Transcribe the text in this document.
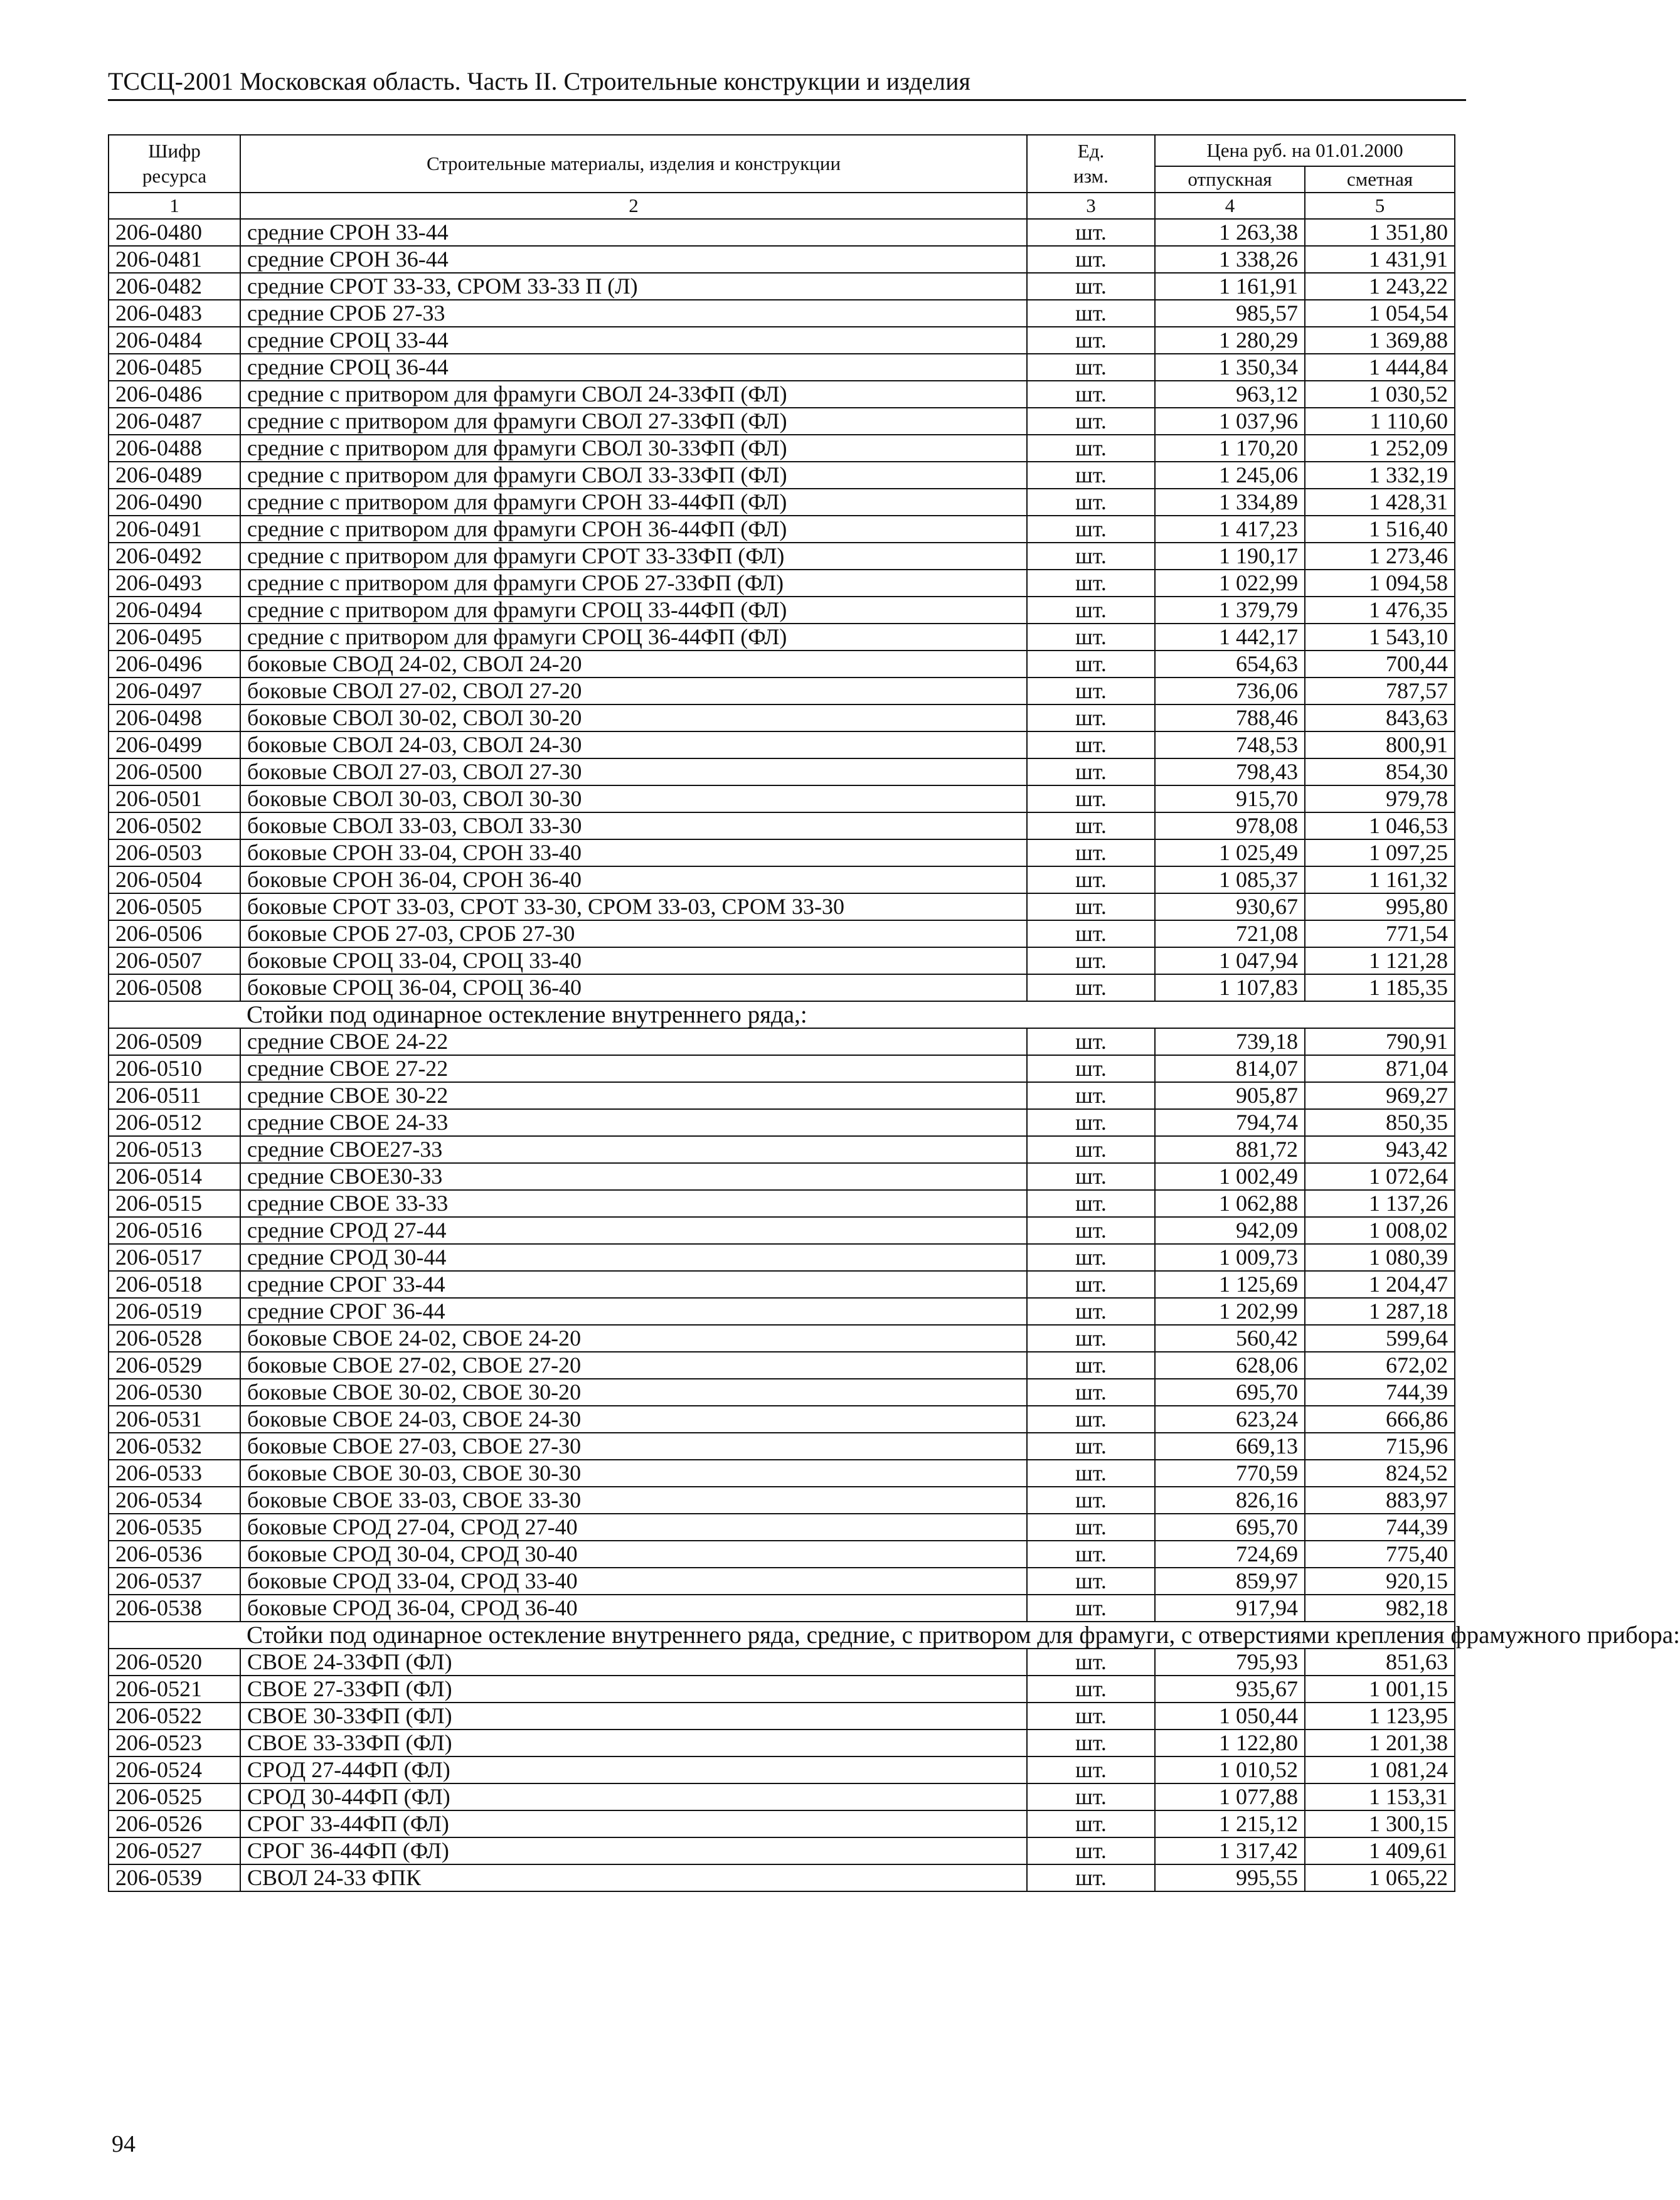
ТССЦ-2001 Московская область. Часть II. Строительные конструкции и изделия
Шифр ресурса	Строительные материалы, изделия и конструкции	Ед. изм.	Цена руб. на 01.01.2000	
			отпускная	сметная
1	2	3	4	5
206-0480	средние СРОН 33-44	шт.	1 263,38	1 351,80
206-0481	средние СРОН 36-44	шт.	1 338,26	1 431,91
206-0482	средние СРОТ 33-33, СРОМ 33-33 П (Л)	шт.	1 161,91	1 243,22
206-0483	средние СРОБ 27-33	шт.	985,57	1 054,54
206-0484	средние СРОЦ 33-44	шт.	1 280,29	1 369,88
206-0485	средние СРОЦ 36-44	шт.	1 350,34	1 444,84
206-0486	средние с притвором для фрамуги СВОЛ 24-33ФП (ФЛ)	шт.	963,12	1 030,52
206-0487	средние с притвором для фрамуги СВОЛ 27-33ФП (ФЛ)	шт.	1 037,96	1 110,60
206-0488	средние с притвором для фрамуги СВОЛ 30-33ФП (ФЛ)	шт.	1 170,20	1 252,09
206-0489	средние с притвором для фрамуги СВОЛ 33-33ФП (ФЛ)	шт.	1 245,06	1 332,19
206-0490	средние с притвором для фрамуги СРОН 33-44ФП (ФЛ)	шт.	1 334,89	1 428,31
206-0491	средние с притвором для фрамуги СРОН 36-44ФП (ФЛ)	шт.	1 417,23	1 516,40
206-0492	средние с притвором для фрамуги СРОТ 33-33ФП (ФЛ)	шт.	1 190,17	1 273,46
206-0493	средние с притвором для фрамуги СРОБ 27-33ФП (ФЛ)	шт.	1 022,99	1 094,58
206-0494	средние с притвором для фрамуги СРОЦ 33-44ФП (ФЛ)	шт.	1 379,79	1 476,35
206-0495	средние с притвором для фрамуги СРОЦ 36-44ФП (ФЛ)	шт.	1 442,17	1 543,10
206-0496	боковые СВОД 24-02, СВОЛ 24-20	шт.	654,63	700,44
206-0497	боковые СВОЛ 27-02, СВОЛ 27-20	шт.	736,06	787,57
206-0498	боковые СВОЛ 30-02, СВОЛ 30-20	шт.	788,46	843,63
206-0499	боковые СВОЛ 24-03, СВОЛ 24-30	шт.	748,53	800,91
206-0500	боковые СВОЛ 27-03, СВОЛ 27-30	шт.	798,43	854,30
206-0501	боковые СВОЛ 30-03, СВОЛ 30-30	шт.	915,70	979,78
206-0502	боковые СВОЛ 33-03, СВОЛ 33-30	шт.	978,08	1 046,53
206-0503	боковые СРОН 33-04, СРОН 33-40	шт.	1 025,49	1 097,25
206-0504	боковые СРОН 36-04, СРОН 36-40	шт.	1 085,37	1 161,32
206-0505	боковые СРОТ 33-03, СРОТ 33-30, СРОМ 33-03, СРОМ 33-30	шт.	930,67	995,80
206-0506	боковые СРОБ 27-03, СРОБ 27-30	шт.	721,08	771,54
206-0507	боковые СРОЦ 33-04, СРОЦ 33-40	шт.	1 047,94	1 121,28
206-0508	боковые СРОЦ 36-04, СРОЦ 36-40	шт.	1 107,83	1 185,35
	Стойки под одинарное остекление внутреннего ряда,:			
206-0509	средние СВОЕ 24-22	шт.	739,18	790,91
206-0510	средние СВОЕ 27-22	шт.	814,07	871,04
206-0511	средние СВОЕ 30-22	шт.	905,87	969,27
206-0512	средние СВОЕ 24-33	шт.	794,74	850,35
206-0513	средние СВОЕ27-33	шт.	881,72	943,42
206-0514	средние СВОЕ30-33	шт.	1 002,49	1 072,64
206-0515	средние СВОЕ 33-33	шт.	1 062,88	1 137,26
206-0516	средние СРОД 27-44	шт.	942,09	1 008,02
206-0517	средние СРОД 30-44	шт.	1 009,73	1 080,39
206-0518	средние СРОГ 33-44	шт.	1 125,69	1 204,47
206-0519	средние СРОГ 36-44	шт.	1 202,99	1 287,18
206-0528	боковые СВОЕ 24-02, СВОЕ 24-20	шт.	560,42	599,64
206-0529	боковые СВОЕ 27-02, СВОЕ 27-20	шт.	628,06	672,02
206-0530	боковые СВОЕ 30-02, СВОЕ 30-20	шт.	695,70	744,39
206-0531	боковые СВОЕ 24-03, СВОЕ 24-30	шт.	623,24	666,86
206-0532	боковые СВОЕ 27-03, СВОЕ 27-30	шт.	669,13	715,96
206-0533	боковые СВОЕ 30-03, СВОЕ 30-30	шт.	770,59	824,52
206-0534	боковые СВОЕ 33-03, СВОЕ 33-30	шт.	826,16	883,97
206-0535	боковые СРОД 27-04, СРОД 27-40	шт.	695,70	744,39
206-0536	боковые СРОД 30-04, СРОД 30-40	шт.	724,69	775,40
206-0537	боковые СРОД 33-04, СРОД 33-40	шт.	859,97	920,15
206-0538	боковые СРОД 36-04, СРОД 36-40	шт.	917,94	982,18
	Стойки под одинарное остекление внутреннего ряда, средние, с притвором для фрамуги, с отверстиями крепления фрамужного прибора:			
206-0520	СВОЕ 24-33ФП (ФЛ)	шт.	795,93	851,63
206-0521	СВОЕ 27-33ФП (ФЛ)	шт.	935,67	1 001,15
206-0522	СВОЕ 30-33ФП (ФЛ)	шт.	1 050,44	1 123,95
206-0523	СВОЕ 33-33ФП (ФЛ)	шт.	1 122,80	1 201,38
206-0524	СРОД 27-44ФП (ФЛ)	шт.	1 010,52	1 081,24
206-0525	СРОД 30-44ФП (ФЛ)	шт.	1 077,88	1 153,31
206-0526	СРОГ 33-44ФП (ФЛ)	шт.	1 215,12	1 300,15
206-0527	СРОГ 36-44ФП (ФЛ)	шт.	1 317,42	1 409,61
206-0539	СВОЛ 24-33 ФПК	шт.	995,55	1 065,22
94
